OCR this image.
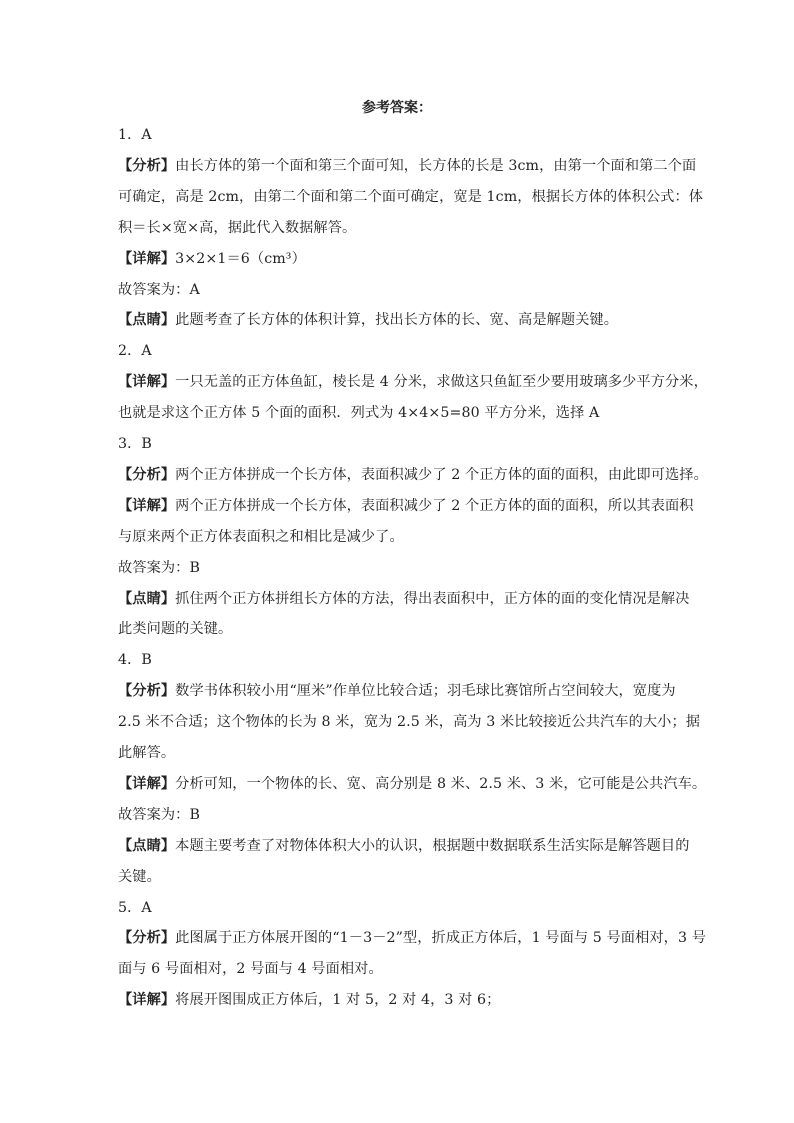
参考答案：
1．A
【分析】由长方体的第一个面和第三个面可知，长方体的长是 3cm，由第一个面和第二个面
可确定，高是 2cm，由第二个面和第二个面可确定，宽是 1cm，根据长方体的体积公式：体
积＝长×宽×高，据此代入数据解答。
【详解】3×2×1＝6（cm³）
故答案为：A
【点睛】此题考查了长方体的体积计算，找出长方体的长、宽、高是解题关键。
2．A
【详解】一只无盖的正方体鱼缸，棱长是 4 分米，求做这只鱼缸至少要用玻璃多少平方分米，
也就是求这个正方体 5 个面的面积．列式为 4×4×5=80 平方分米，选择 A
3．B
【分析】两个正方体拼成一个长方体，表面积减少了 2 个正方体的面的面积，由此即可选择。
【详解】两个正方体拼成一个长方体，表面积减少了 2 个正方体的面的面积，所以其表面积
与原来两个正方体表面积之和相比是减少了。
故答案为：B
【点睛】抓住两个正方体拼组长方体的方法，得出表面积中，正方体的面的变化情况是解决
此类问题的关键。
4．B
【分析】数学书体积较小用“厘米”作单位比较合适；羽毛球比赛馆所占空间较大，宽度为
2.5 米不合适；这个物体的长为 8 米，宽为 2.5 米，高为 3 米比较接近公共汽车的大小；据
此解答。
【详解】分析可知，一个物体的长、宽、高分别是 8 米、2.5 米、3 米，它可能是公共汽车。
故答案为：B
【点睛】本题主要考查了对物体体积大小的认识，根据题中数据联系生活实际是解答题目的
关键。
5．A
【分析】此图属于正方体展开图的“1－3－2”型，折成正方体后，1 号面与 5 号面相对，3 号
面与 6 号面相对，2 号面与 4 号面相对。
【详解】将展开图围成正方体后，1 对 5，2 对 4，3 对 6；
